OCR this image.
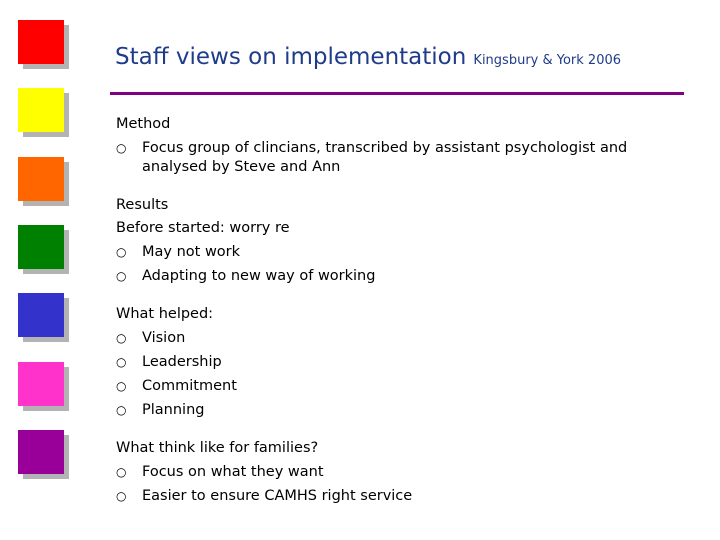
Staff views on implementation Kingsbury & York 2006
Method
○ Focus group of clincians, transcribed by assistant psychologist and analysed by Steve and Ann
Results
Before started: worry re
○ May not work
○ Adapting to new way of working
What helped:
○ Vision
○ Leadership
○ Commitment
○ Planning
What think like for families?
○ Focus on what they want
○ Easier to ensure CAMHS right service
